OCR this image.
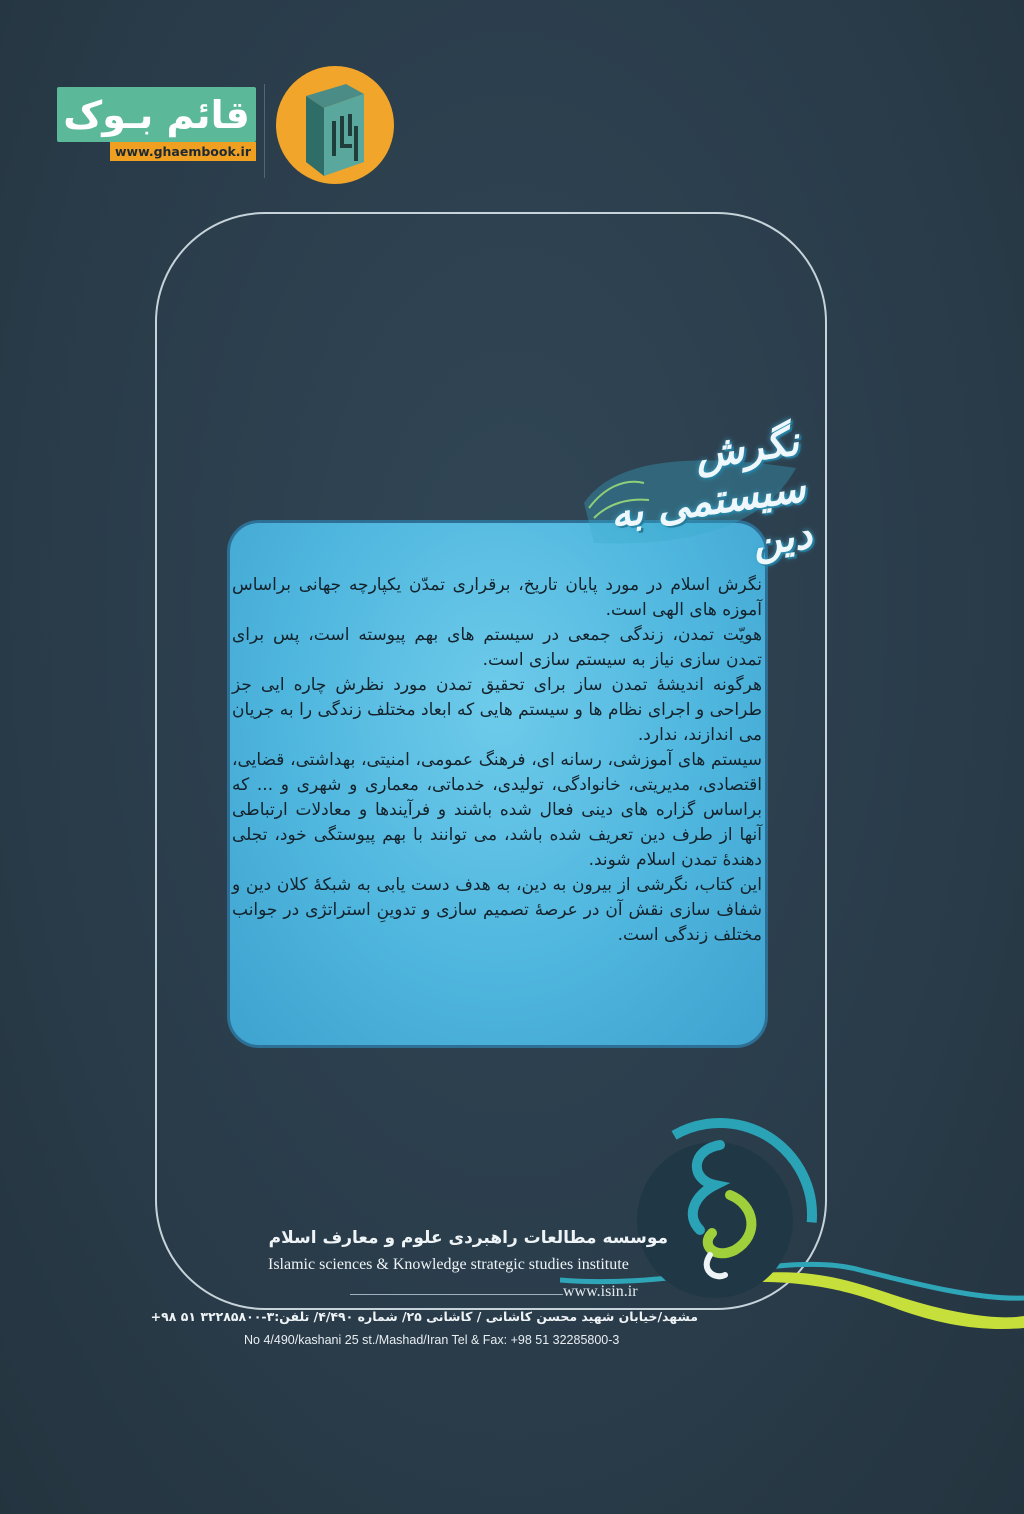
قائم بـوک
www.ghaembook.ir
نگرش سیستمی به دین

نگرش اسلام در مورد پایان تاریخ، برقراری تمدّن یکپارچه جهانی براساس آموزه های الهی است.

هویّت تمدن، زندگی جمعی در سیستم های بهم پیوسته است، پس برای تمدن سازی نیاز به سیستم سازی است.

هرگونه اندیشهٔ تمدن ساز برای تحقیق تمدن مورد نظرش چاره ایی جز طراحی و اجرای نظام ها و سیستم هایی که ابعاد مختلف زندگی را به جریان می اندازند، ندارد.

سیستم های آموزشی، رسانه ای، فرهنگ عمومی، امنیتی، بهداشتی، قضایی، اقتصادی، مدیریتی، خانوادگی، تولیدی، خدماتی، معماری و شهری و ... که براساس گزاره های دینی فعال شده باشند و فرآیندها و معادلات ارتباطی آنها از طرف دین تعریف شده باشد، می توانند با بهم پیوستگی خود، تجلی دهندهٔ تمدن اسلام شوند.

این کتاب، نگرشی از بیرون به دین، به هدف دست یابی به شبکهٔ کلان دین و شفاف سازی نقش آن در عرصهٔ تصمیم سازی و تدوینِ استراتژی در جوانب مختلف زندگی است.

موسسه مطالعات راهبردی علوم و معارف اسلام
Islamic sciences & Knowledge strategic studies institute
www.isin.ir
مشهد/خیابان شهید محسن کاشانی / کاشانی ۲۵/ شماره ۴/۴۹۰/ تلفن:۳-۳۲۲۸۵۸۰۰ ۵۱ ۹۸+
No 4/490/kashani 25 st./Mashad/Iran Tel & Fax: +98 51 32285800-3
